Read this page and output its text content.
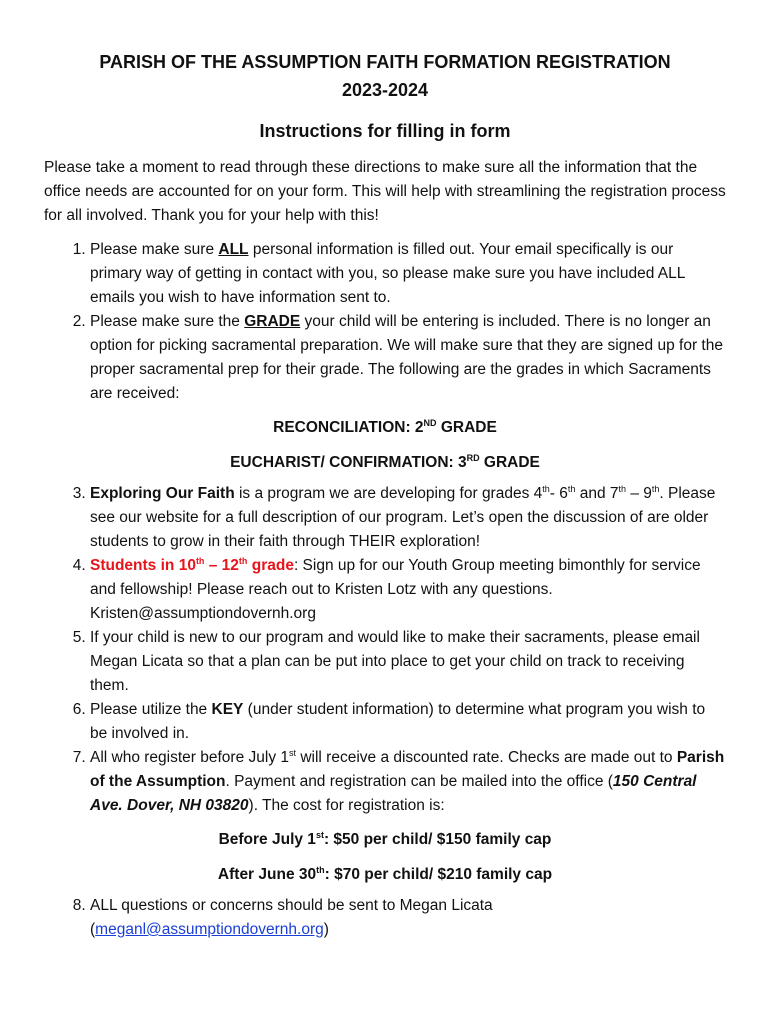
PARISH OF THE ASSUMPTION FAITH FORMATION REGISTRATION
2023-2024
Instructions for filling in form

Please take a moment to read through these directions to make sure all the information that the office needs are accounted for on your form. This will help with streamlining the registration process for all involved. Thank you for your help with this!

1. Please make sure ALL personal information is filled out. Your email specifically is our primary way of getting in contact with you, so please make sure you have included ALL emails you wish to have information sent to.
2. Please make sure the GRADE your child will be entering is included. There is no longer an option for picking sacramental preparation. We will make sure that they are signed up for the proper sacramental prep for their grade. The following are the grades in which Sacraments are received:
RECONCILIATION: 2ND GRADE
EUCHARIST/ CONFIRMATION: 3RD GRADE
3. Exploring Our Faith is a program we are developing for grades 4th- 6th and 7th – 9th. Please see our website for a full description of our program. Let’s open the discussion of are older students to grow in their faith through THEIR exploration!
4. Students in 10th – 12th grade: Sign up for our Youth Group meeting bimonthly for service and fellowship! Please reach out to Kristen Lotz with any questions. Kristen@assumptiondovernh.org
5. If your child is new to our program and would like to make their sacraments, please email Megan Licata so that a plan can be put into place to get your child on track to receiving them.
6. Please utilize the KEY (under student information) to determine what program you wish to be involved in.
7. All who register before July 1st will receive a discounted rate. Checks are made out to Parish of the Assumption. Payment and registration can be mailed into the office (150 Central Ave. Dover, NH 03820). The cost for registration is:
Before July 1st: $50 per child/ $150 family cap
After June 30th: $70 per child/ $210 family cap
8. ALL questions or concerns should be sent to Megan Licata (meganl@assumptiondovernh.org)
